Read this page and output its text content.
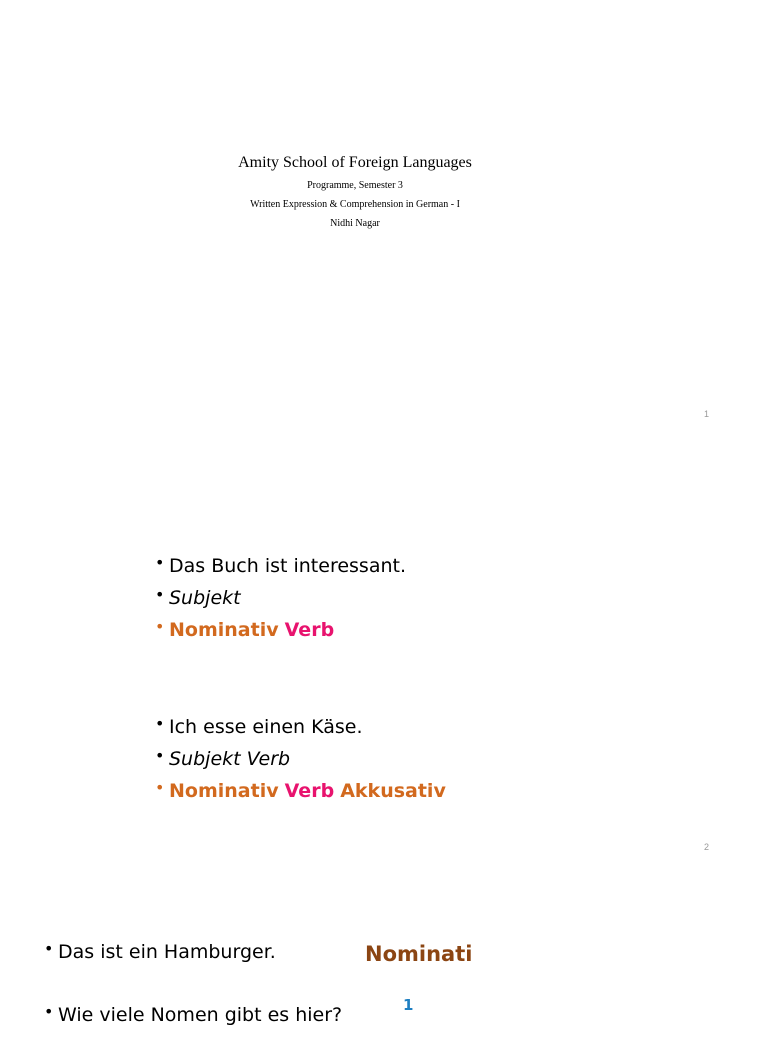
Amity School of Foreign Languages

Programme, Semester 3

Written Expression & Comprehension in German - I

Nidhi Nagar

1
• Das Buch ist interessant.
• Subjekt
• Nominativ Verb
• Ich esse einen Käse.
• Subjekt Verb
• Nominativ Verb Akkusativ
2
• Das ist ein Hamburger.
• Wie viele Nomen gibt es hier?
Nominati
1
